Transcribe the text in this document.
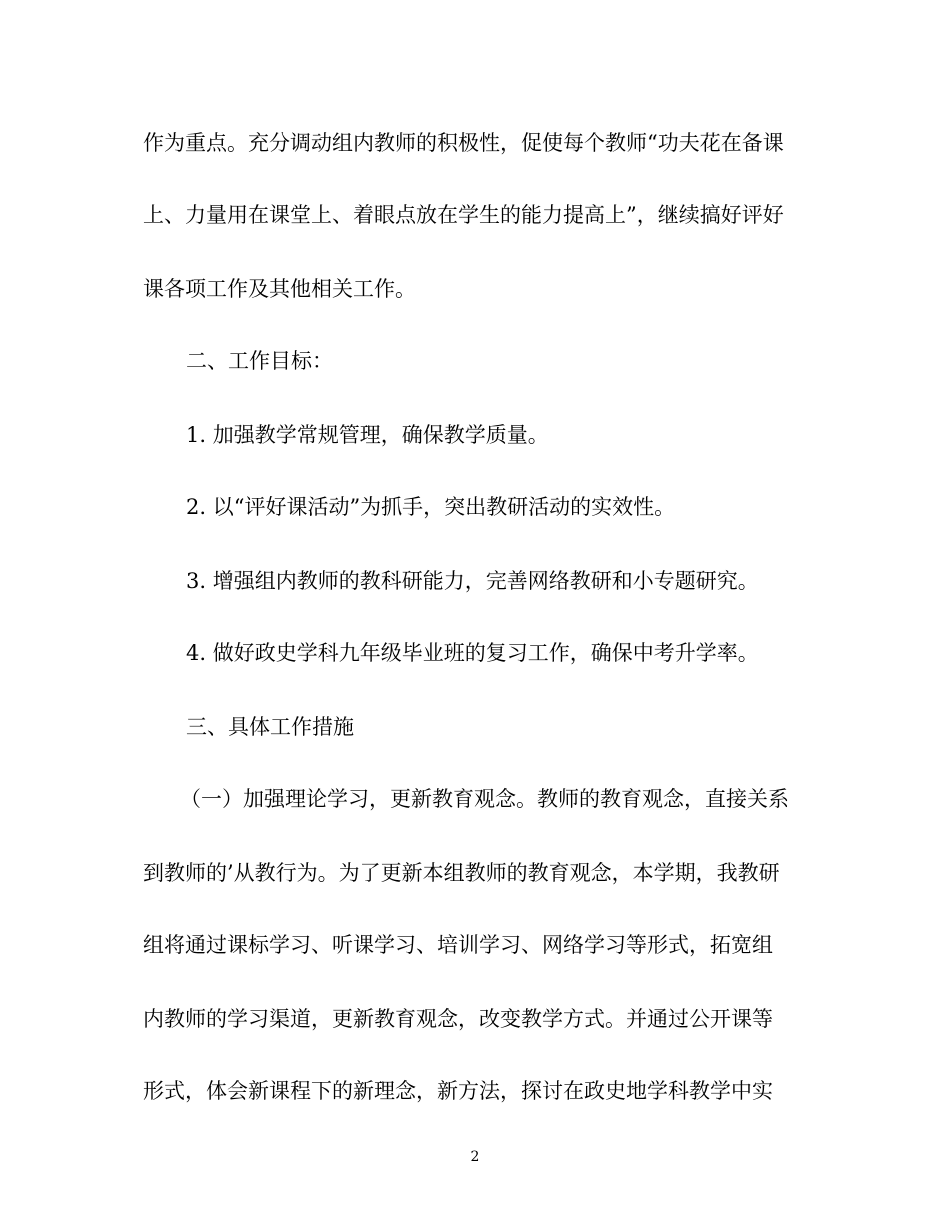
作为重点。充分调动组内教师的积极性，促使每个教师“功夫花在备课
上、力量用在课堂上、着眼点放在学生的能力提高上”，继续搞好评好
课各项工作及其他相关工作。
二、工作目标：
1. 加强教学常规管理，确保教学质量。
2. 以“评好课活动”为抓手，突出教研活动的实效性。
3. 增强组内教师的教科研能力，完善网络教研和小专题研究。
4. 做好政史学科九年级毕业班的复习工作，确保中考升学率。
三、具体工作措施
（一）加强理论学习，更新教育观念。教师的教育观念，直接关系
到教师的’从教行为。为了更新本组教师的教育观念，本学期，我教研
组将通过课标学习、听课学习、培训学习、网络学习等形式，拓宽组
内教师的学习渠道，更新教育观念，改变教学方式。并通过公开课等
形式，体会新课程下的新理念，新方法，探讨在政史地学科教学中实
2
